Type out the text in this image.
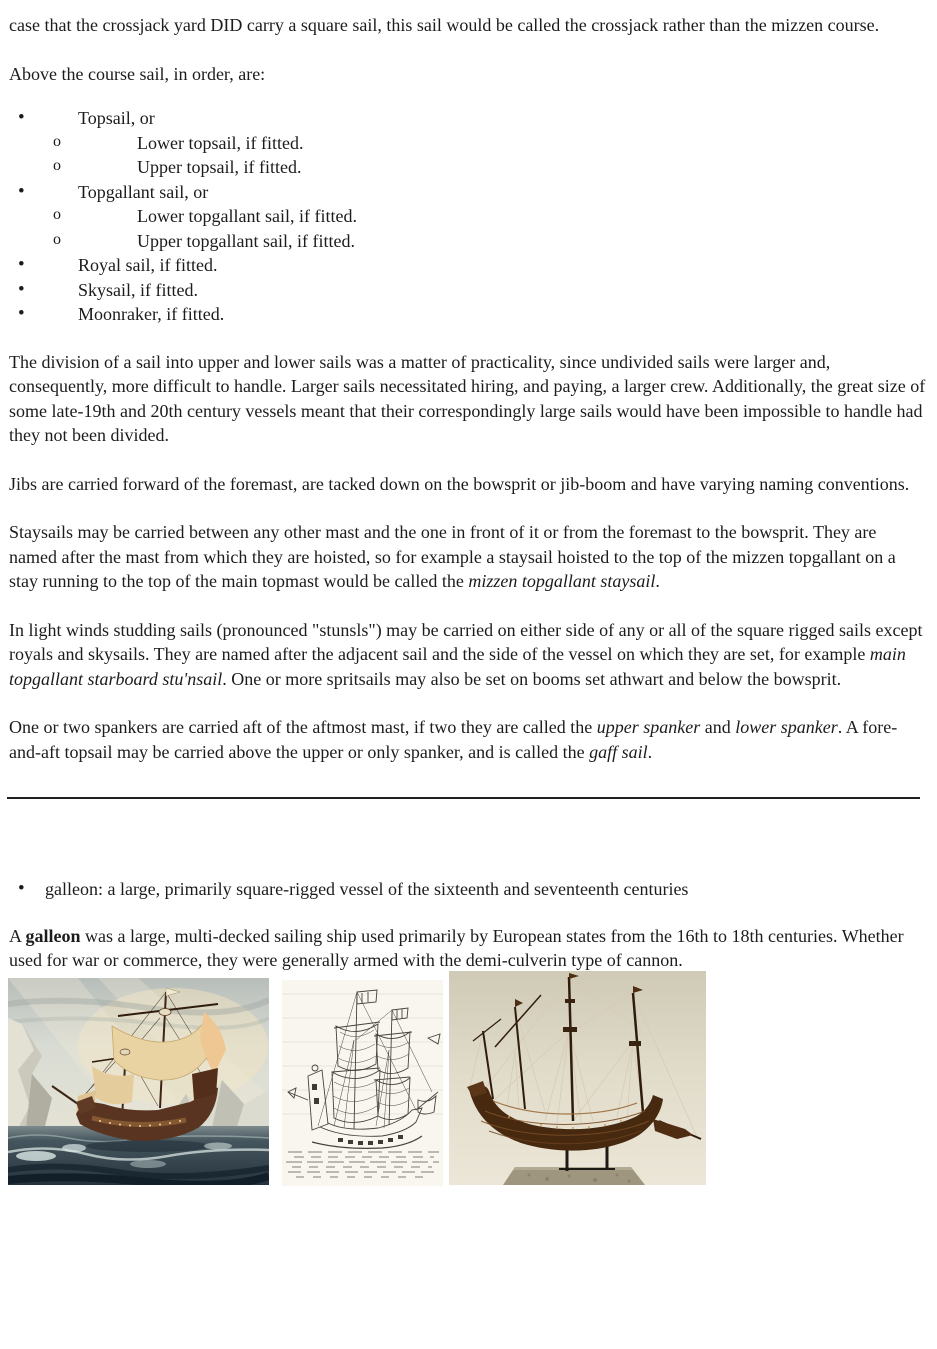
case that the crossjack yard DID carry a square sail, this sail would be called the crossjack rather than the mizzen course.

Above the course sail, in order, are:

•	Topsail, or
o	Lower topsail, if fitted.
o	Upper topsail, if fitted.
•	Topgallant sail, or
o	Lower topgallant sail, if fitted.
o	Upper topgallant sail, if fitted.
•	Royal sail, if fitted.
•	Skysail, if fitted.
•	Moonraker, if fitted.

The division of a sail into upper and lower sails was a matter of practicality, since undivided sails were larger and, consequently, more difficult to handle. Larger sails necessitated hiring, and paying, a larger crew. Additionally, the great size of some late-19th and 20th century vessels meant that their correspondingly large sails would have been impossible to handle had they not been divided.

Jibs are carried forward of the foremast, are tacked down on the bowsprit or jib-boom and have varying naming conventions.

Staysails may be carried between any other mast and the one in front of it or from the foremast to the bowsprit. They are named after the mast from which they are hoisted, so for example a staysail hoisted to the top of the mizzen topgallant on a stay running to the top of the main topmast would be called the mizzen topgallant staysail.

In light winds studding sails (pronounced "stunsls") may be carried on either side of any or all of the square rigged sails except royals and skysails. They are named after the adjacent sail and the side of the vessel on which they are set, for example main topgallant starboard stu'nsail. One or more spritsails may also be set on booms set athwart and below the bowsprit.

One or two spankers are carried aft of the aftmost mast, if two they are called the upper spanker and lower spanker. A fore-and-aft topsail may be carried above the upper or only spanker, and is called the gaff sail.

• galleon: a large, primarily square-rigged vessel of the sixteenth and seventeenth centuries

A galleon was a large, multi-decked sailing ship used primarily by European states from the 16th to 18th centuries. Whether used for war or commerce, they were generally armed with the demi-culverin type of cannon.
